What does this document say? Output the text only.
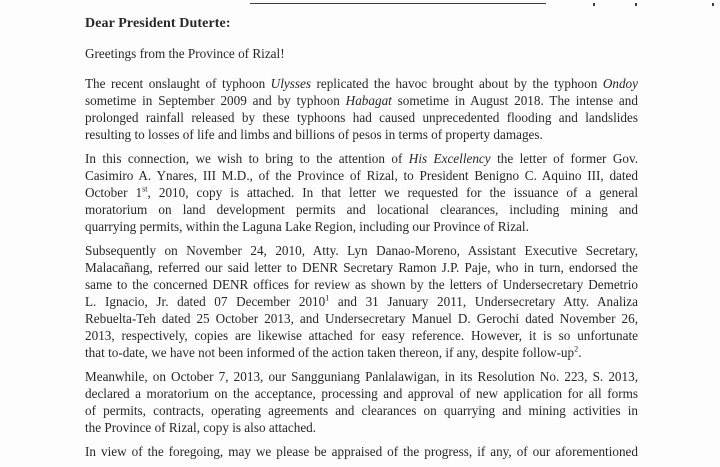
Dear President Duterte:
Greetings from the Province of Rizal!
The recent onslaught of typhoon Ulysses replicated the havoc brought about by the typhoon Ondoy
sometime in September 2009 and by typhoon Habagat sometime in August 2018. The intense and
prolonged rainfall released by these typhoons had caused unprecedented flooding and landslides
resulting to losses of life and limbs and billions of pesos in terms of property damages.
In this connection, we wish to bring to the attention of His Excellency the letter of former Gov.
Casimiro A. Ynares, III M.D., of the Province of Rizal, to President Benigno C. Aquino III, dated
October 1st, 2010, copy is attached. In that letter we requested for the issuance of a general
moratorium on land development permits and locational clearances, including mining and
quarrying permits, within the Laguna Lake Region, including our Province of Rizal.
Subsequently on November 24, 2010, Atty. Lyn Danao-Moreno, Assistant Executive Secretary,
Malacañang, referred our said letter to DENR Secretary Ramon J.P. Paje, who in turn, endorsed the
same to the concerned DENR offices for review as shown by the letters of Undersecretary Demetrio
L. Ignacio, Jr. dated 07 December 2010$^1$ and 31 January 2011, Undersecretary Atty. Analiza
Rebuelta-Teh dated 25 October 2013, and Undersecretary Manuel D. Gerochi dated November 26,
2013, respectively, copies are likewise attached for easy reference. However, it is so unfortunate
that to-date, we have not been informed of the action taken thereon, if any, despite follow-$up^2$.
Meanwhile, on October 7, 2013, our Sangguniang Panlalawigan, in its Resolution No. 223, S. 2013,
declared a moratorium on the acceptance, processing and approval of new application for all forms
of permits, contracts, operating agreements and clearances on quarrying and mining activities in
the Province of Rizal, copy is also attached.
In view of the foregoing, may we please be appraised of the progress, if any, of our aforementioned
